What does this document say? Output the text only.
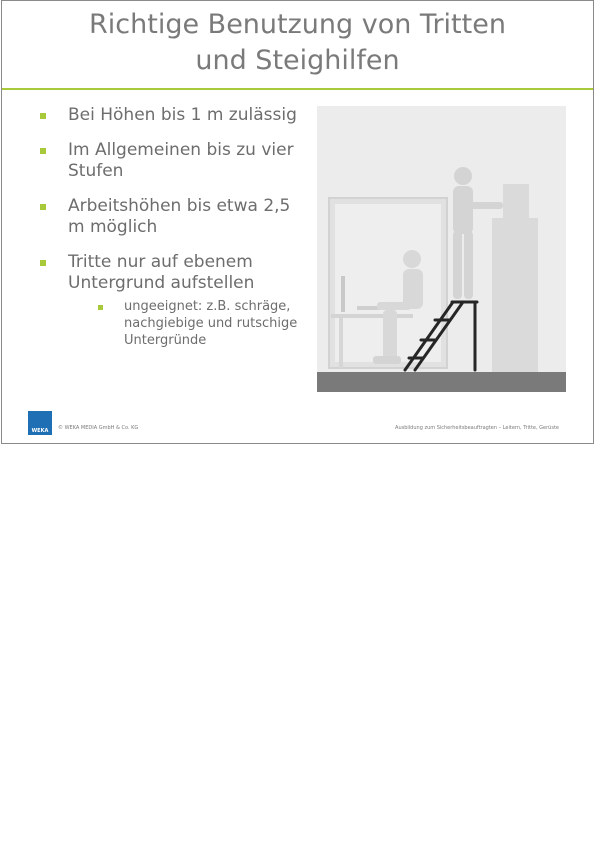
Richtige Benutzung von Tritten
und Steighilfen
Bei Höhen bis 1 m zulässig
Im Allgemeinen bis zu vier Stufen
Arbeitshöhen bis etwa 2,5 m möglich
Tritte nur auf ebenem Untergrund aufstellen
ungeeignet: z.B. schräge, nachgiebige und rutschige Untergründe
WEKA	© WEKA MEDIA GmbH & Co. KG	Ausbildung zum Sicherheitsbeauftragten – Leitern, Tritte, Gerüste
